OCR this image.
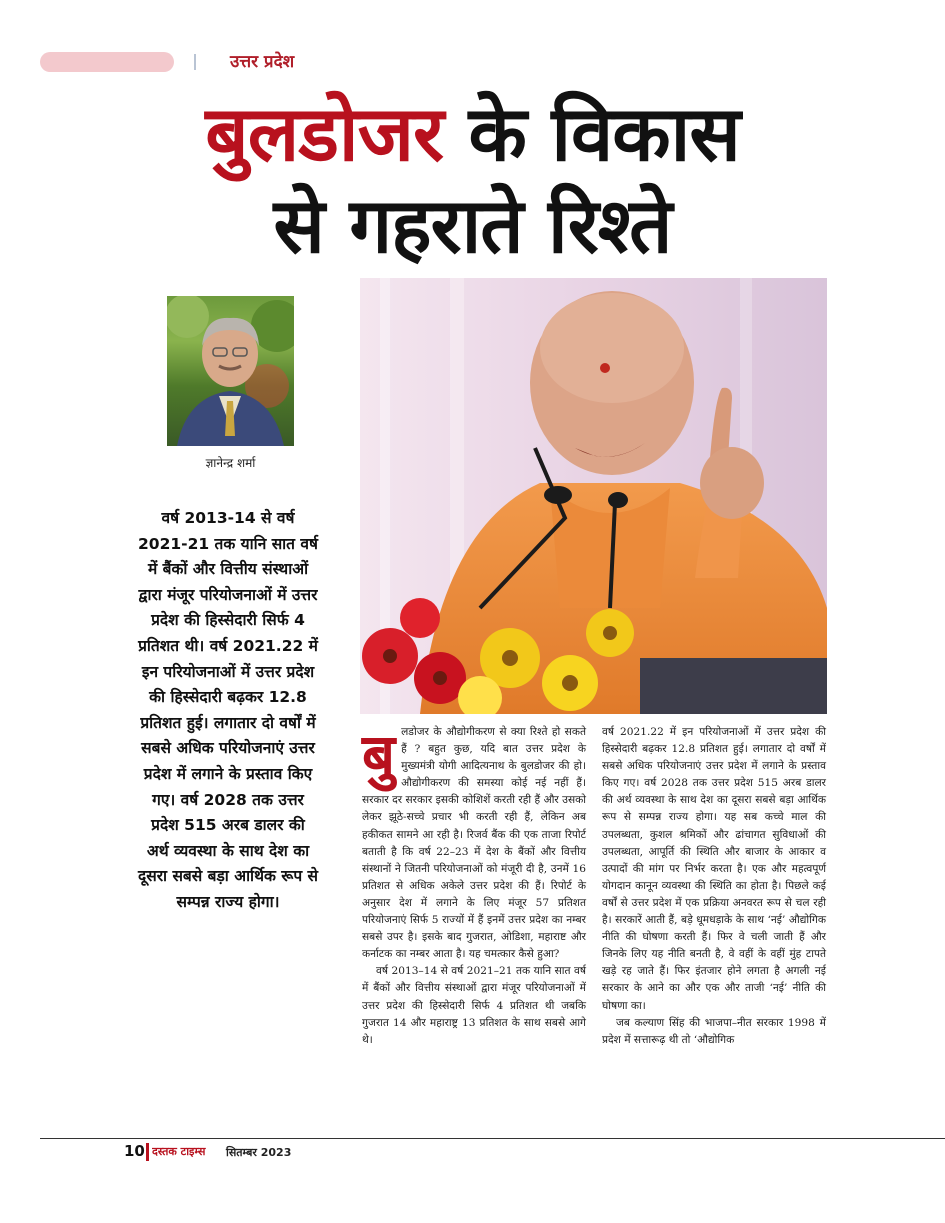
उत्तर प्रदेश
बुलडोजर के विकास
से गहराते रिश्ते
ज्ञानेन्द्र शर्मा
वर्ष 2013-14 से वर्ष 2021-21 तक यानि सात वर्ष में बैंकों और वित्तीय संस्थाओं द्वारा मंजूर परियोजनाओं में उत्तर प्रदेश की हिस्सेदारी सिर्फ 4 प्रतिशत थी। वर्ष 2021.22 में इन परियोजनाओं में उत्तर प्रदेश की हिस्सेदारी बढ़कर 12.8 प्रतिशत हुई। लगातार दो वर्षों में सबसे अधिक परियोजनाएं उत्तर प्रदेश में लगाने के प्रस्ताव किए गए। वर्ष 2028 तक उत्तर प्रदेश 515 अरब डालर की अर्थ व्यवस्था के साथ देश का दूसरा सबसे बड़ा आर्थिक रूप से सम्पन्न राज्य होगा।
बु लडोजर के औद्योगीकरण से क्या रिश्ते हो सकते हैं ? बहुत कुछ, यदि बात उत्तर प्रदेश के मुख्यमंत्री योगी आदित्यनाथ के बुलडोजर की हो। औद्योगीकरण की समस्या कोई नई नहीं हैं। सरकार दर सरकार इसकी कोशिशें करती रही हैं और उसको लेकर झूठे-सच्चे प्रचार भी करती रही हैं, लेकिन अब हकीकत सामने आ रही है। रिजर्व बैंक की एक ताजा रिपोर्ट बताती है कि वर्ष 22–23 में देश के बैंकों और वित्तीय संस्थानों ने जितनी परियोजनाओं को मंजूरी दी है, उनमें 16 प्रतिशत से अधिक अकेले उत्तर प्रदेश की हैं। रिपोर्ट के अनुसार देश में लगाने के लिए मंजूर 57 प्रतिशत परियोजनाएं सिर्फ 5 राज्यों में हैं इनमें उत्तर प्रदेश का नम्बर सबसे उपर है। इसके बाद गुजरात, ओडिशा, महाराष्ट और कर्नाटक का नम्बर आता है। यह चमत्कार कैसे हुआ?

वर्ष 2013–14 से वर्ष 2021–21 तक यानि सात वर्ष में बैंकों और वित्तीय संस्थाओं द्वारा मंजूर परियोजनाओं में उत्तर प्रदेश की हिस्सेदारी सिर्फ 4 प्रतिशत थी जबकि गुजरात 14 और महाराष्ट्र 13 प्रतिशत के साथ सबसे आगे थे।

वर्ष 2021.22 में इन परियोजनाओं में उत्तर प्रदेश की हिस्सेदारी बढ़कर 12.8 प्रतिशत हुई। लगातार दो वर्षों में सबसे अधिक परियोजनाएं उत्तर प्रदेश में लगाने के प्रस्ताव किए गए। वर्ष 2028 तक उत्तर प्रदेश 515 अरब डालर की अर्थ व्यवस्था के साथ देश का दूसरा सबसे बड़ा आर्थिक रूप से सम्पन्न राज्य होगा। यह सब कच्चे माल की उपलब्धता, कुशल श्रमिकों और ढांचागत सुविधाओं की उपलब्धता, आपूर्ति की स्थिति और बाजार के आकार व उत्पादों की मांग पर निर्भर करता है। एक और महत्वपूर्ण योगदान कानून व्यवस्था की स्थिति का होता है। पिछले कई वर्षों से उत्तर प्रदेश में एक प्रक्रिया अनवरत रूप से चल रही है। सरकारें आती हैं, बड़े धूमधड़ाके के साथ ‘नई’ औद्योगिक नीति की घोषणा करती हैं। फिर वे चली जाती हैं और जिनके लिए यह नीति बनती है, वे वहीं के वहीं मुंह टापते खड़े रह जाते हैं। फिर इंतजार होने लगता है अगली नई सरकार के आने का और एक और ताजी ‘नई’ नीति की घोषणा का।

जब कल्याण सिंह की भाजपा–नीत सरकार 1998 में प्रदेश में सत्तारूढ़ थी तो ‘औद्योगिक

10 दस्तक टाइम्स	सितम्बर 2023
